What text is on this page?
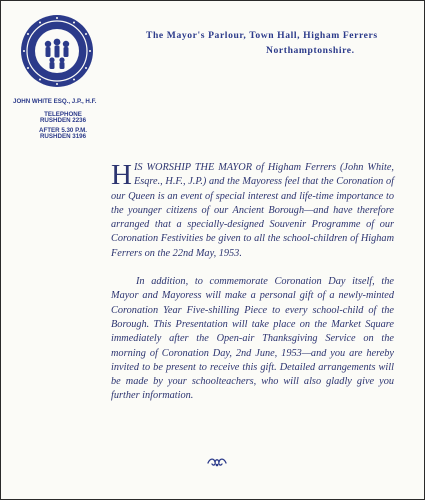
The Mayor's Parlour, Town Hall, Higham Ferrers
Northamptonshire.
JOHN WHITE ESQ., J.P., H.F.
TELEPHONE
RUSHDEN 2236
AFTER 5.30 P.M.
RUSHDEN 3196

HIS WORSHIP THE MAYOR of Higham Ferrers (John White, Esqre., H.F., J.P.) and the Mayoress feel that the Coronation of our Queen is an event of special interest and life-time importance to the younger citizens of our Ancient Borough—and have therefore arranged that a specially-designed Souvenir Programme of our Coronation Festivities be given to all the school-children of Higham Ferrers on the 22nd May, 1953.

In addition, to commemorate Coronation Day itself, the Mayor and Mayoress will make a personal gift of a newly-minted Coronation Year Five-shilling Piece to every school-child of the Borough. This Presentation will take place on the Market Square immediately after the Open-air Thanksgiving Service on the morning of Coronation Day, 2nd June, 1953—and you are hereby invited to be present to receive this gift. Detailed arrangements will be made by your schoolteachers, who will also gladly give you further information.
